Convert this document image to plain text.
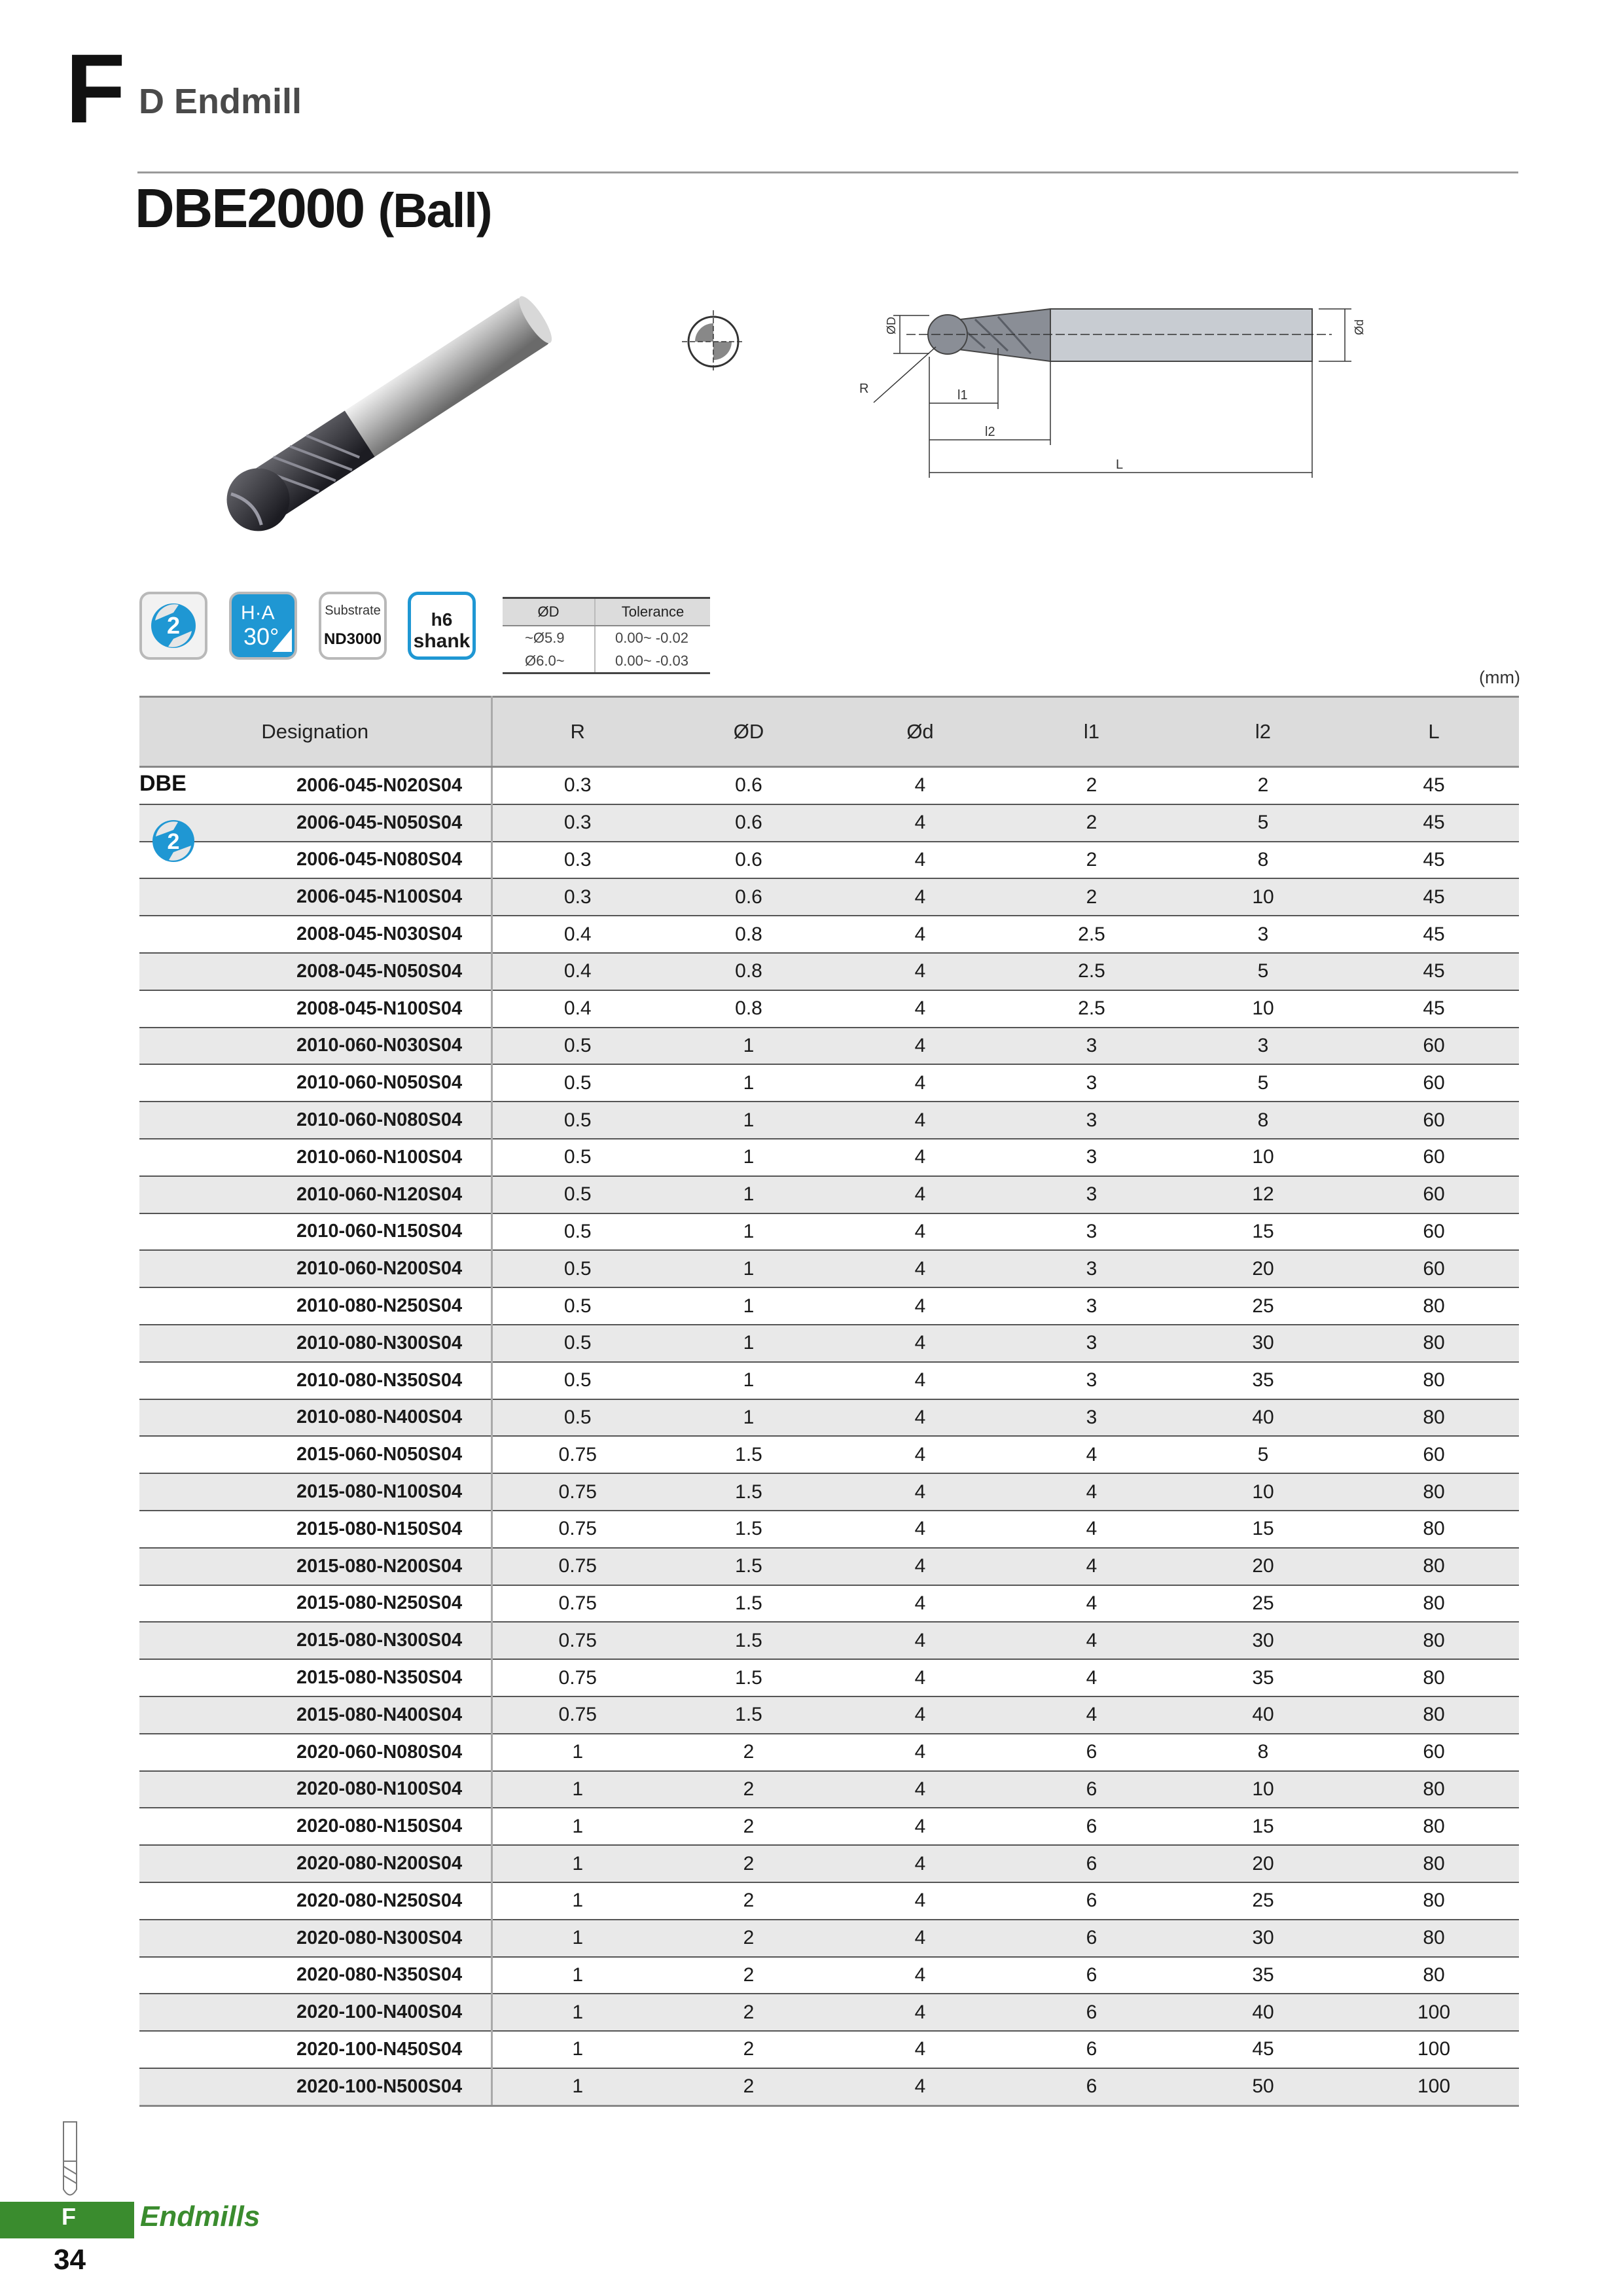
F D Endmill
DBE2000 (Ball)
ØD	Ød
R	l1
l2
L
2	H·A
30°
Substrate
ND3000
h6
shank
ØD	Tolerance
~Ø5.9	0.00~ -0.02
Ø6.0~	0.00~ -0.03
(mm)
Designation	R	ØD	Ød	l1	l2	L
2006-045-N020S04	0.3	0.6	4	2	2	45
2006-045-N050S04	0.3	0.6	4	2	5	45
2006-045-N080S04	0.3	0.6	4	2	8	45
2006-045-N100S04	0.3	0.6	4	2	10	45
2008-045-N030S04	0.4	0.8	4	2.5	3	45
2008-045-N050S04	0.4	0.8	4	2.5	5	45
2008-045-N100S04	0.4	0.8	4	2.5	10	45
2010-060-N030S04	0.5	1	4	3	3	60
2010-060-N050S04	0.5	1	4	3	5	60
2010-060-N080S04	0.5	1	4	3	8	60
2010-060-N100S04	0.5	1	4	3	10	60
2010-060-N120S04	0.5	1	4	3	12	60
2010-060-N150S04	0.5	1	4	3	15	60
2010-060-N200S04	0.5	1	4	3	20	60
2010-080-N250S04	0.5	1	4	3	25	80
2010-080-N300S04	0.5	1	4	3	30	80
2010-080-N350S04	0.5	1	4	3	35	80
2010-080-N400S04	0.5	1	4	3	40	80
2015-060-N050S04	0.75	1.5	4	4	5	60
2015-080-N100S04	0.75	1.5	4	4	10	80
2015-080-N150S04	0.75	1.5	4	4	15	80
2015-080-N200S04	0.75	1.5	4	4	20	80
2015-080-N250S04	0.75	1.5	4	4	25	80
2015-080-N300S04	0.75	1.5	4	4	30	80
2015-080-N350S04	0.75	1.5	4	4	35	80
2015-080-N400S04	0.75	1.5	4	4	40	80
2020-060-N080S04	1	2	4	6	8	60
2020-080-N100S04	1	2	4	6	10	80
2020-080-N150S04	1	2	4	6	15	80
2020-080-N200S04	1	2	4	6	20	80
2020-080-N250S04	1	2	4	6	25	80
2020-080-N300S04	1	2	4	6	30	80
2020-080-N350S04	1	2	4	6	35	80
2020-100-N400S04	1	2	4	6	40	100
2020-100-N450S04	1	2	4	6	45	100
2020-100-N500S04	1	2	4	6	50	100
DBE
2
F Endmills
34
